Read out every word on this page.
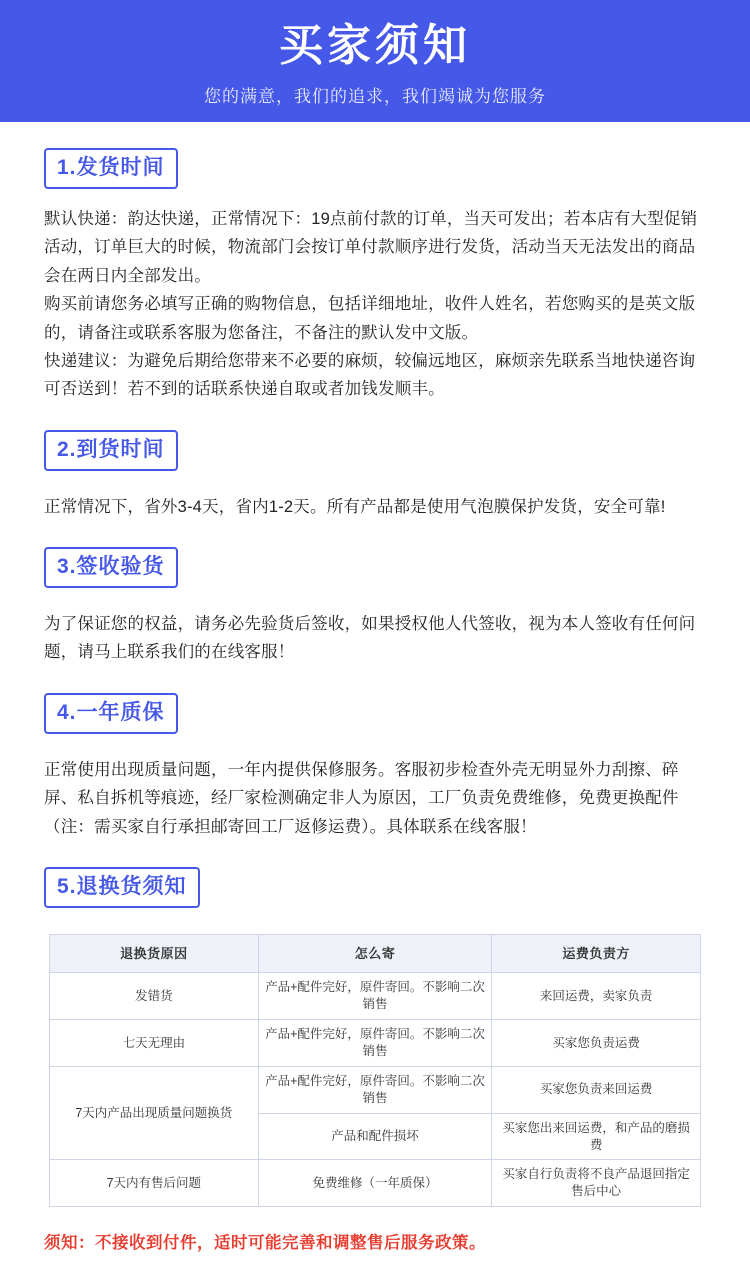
买家须知
您的满意，我们的追求，我们竭诚为您服务
1.发货时间

默认快递：韵达快递，正常情况下：19点前付款的订单，当天可发出；若本店有大型促销活动，订单巨大的时候，物流部门会按订单付款顺序进行发货，活动当天无法发出的商品会在两日内全部发出。

购买前请您务必填写正确的购物信息，包括详细地址，收件人姓名，若您购买的是英文版的，请备注或联系客服为您备注，不备注的默认发中文版。

快递建议：为避免后期给您带来不必要的麻烦，较偏远地区，麻烦亲先联系当地快递咨询可否送到！若不到的话联系快递自取或者加钱发顺丰。

2.到货时间

正常情况下，省外3-4天，省内1-2天。所有产品都是使用气泡膜保护发货，安全可靠!

3.签收验货

为了保证您的权益，请务必先验货后签收，如果授权他人代签收，视为本人签收有任何问题，请马上联系我们的在线客服！

4.一年质保

正常使用出现质量问题，一年内提供保修服务。客服初步检查外壳无明显外力刮擦、碎屏、私自拆机等痕迹，经厂家检测确定非人为原因，工厂负责免费维修，免费更换配件（注：需买家自行承担邮寄回工厂返修运费）。具体联系在线客服！

5.退换货须知
退换货原因	怎么寄	运费负责方
发错货	产品+配件完好，原件寄回。不影响二次销售	来回运费，卖家负责
七天无理由	产品+配件完好，原件寄回。不影响二次销售	买家您负责运费
7天内产品出现质量问题换货	产品+配件完好，原件寄回。不影响二次销售	买家您负责来回运费
	产品和配件损坏	买家您出来回运费，和产品的磨损费
7天内有售后问题	免费维修（一年质保）	买家自行负责将不良产品退回指定售后中心
须知：不接收到付件，适时可能完善和调整售后服务政策。
